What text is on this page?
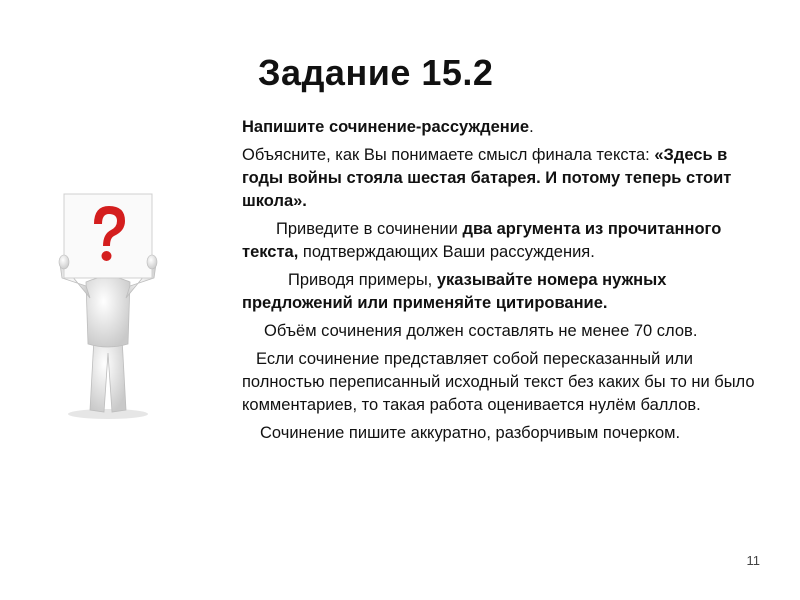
Задание 15.2

Напишите сочинение-рассуждение.

Объясните, как Вы понимаете смысл финала текста: «Здесь в годы войны стояла шестая батарея. И потому теперь стоит школа».

Приведите в сочинении два аргумента из прочитанного текста, подтверждающих Ваши рассуждения.

Приводя примеры, указывайте номера нужных предложений или применяйте цитирование.

Объём сочинения должен составлять не менее 70 слов.

Если сочинение представляет собой пересказанный или полностью переписанный исходный текст без каких бы то ни было комментариев, то такая работа оценивается нулём баллов.

Сочинение пишите аккуратно, разборчивым почерком.

11
